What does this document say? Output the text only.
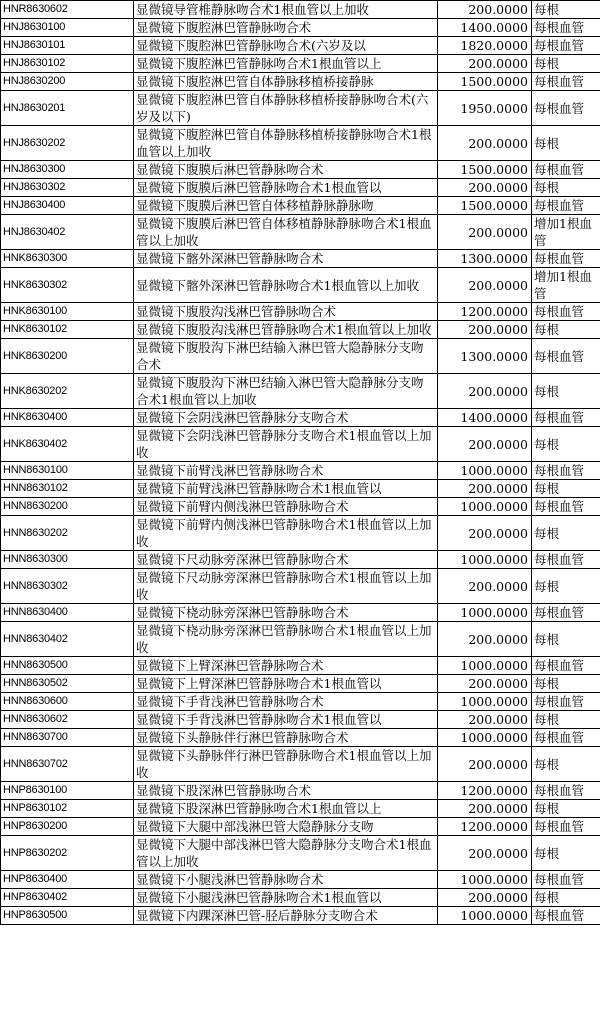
HNR8630602	显微镜导管椎静脉吻合术1根血管以上加收	200.0000	每根
HNJ8630100	显微镜下腹腔淋巴管静脉吻合术	1400.0000	每根血管
HNJ8630101	显微镜下腹腔淋巴管静脉吻合术(六岁及以	1820.0000	每根血管
HNJ8630102	显微镜下腹腔淋巴管静脉吻合术1根血管以上	200.0000	每根
HNJ8630200	显微镜下腹腔淋巴管自体静脉移植桥接静脉	1500.0000	每根血管
HNJ8630201	显微镜下腹腔淋巴管自体静脉移植桥接静脉吻合术(六岁及以下)	1950.0000	每根血管
HNJ8630202	显微镜下腹腔淋巴管自体静脉移植桥接静脉吻合术1根血管以上加收	200.0000	每根
HNJ8630300	显微镜下腹膜后淋巴管静脉吻合术	1500.0000	每根血管
HNJ8630302	显微镜下腹膜后淋巴管静脉吻合术1根血管以	200.0000	每根
HNJ8630400	显微镜下腹膜后淋巴管自体移植静脉静脉吻	1500.0000	每根血管
HNJ8630402	显微镜下腹膜后淋巴管自体移植静脉静脉吻合术1根血管以上加收	200.0000	增加1根血管
HNK8630300	显微镜下髂外深淋巴管静脉吻合术	1300.0000	每根血管
HNK8630302	显微镜下髂外深淋巴管静脉吻合术1根血管以上加收	200.0000	增加1根血管
HNK8630100	显微镜下腹股沟浅淋巴管静脉吻合术	1200.0000	每根血管
HNK8630102	显微镜下腹股沟浅淋巴管静脉吻合术1根血管以上加收	200.0000	每根
HNK8630200	显微镜下腹股沟下淋巴结输入淋巴管大隐静脉分支吻合术	1300.0000	每根血管
HNK8630202	显微镜下腹股沟下淋巴结输入淋巴管大隐静脉分支吻合术1根血管以上加收	200.0000	每根
HNK8630400	显微镜下会阴浅淋巴管静脉分支吻合术	1400.0000	每根血管
HNK8630402	显微镜下会阴浅淋巴管静脉分支吻合术1根血管以上加收	200.0000	每根
HNN8630100	显微镜下前臂浅淋巴管静脉吻合术	1000.0000	每根血管
HNN8630102	显微镜下前臂浅淋巴管静脉吻合术1根血管以	200.0000	每根
HNN8630200	显微镜下前臂内侧浅淋巴管静脉吻合术	1000.0000	每根血管
HNN8630202	显微镜下前臂内侧浅淋巴管静脉吻合术1根血管以上加收	200.0000	每根
HNN8630300	显微镜下尺动脉旁深淋巴管静脉吻合术	1000.0000	每根血管
HNN8630302	显微镜下尺动脉旁深淋巴管静脉吻合术1根血管以上加收	200.0000	每根
HNN8630400	显微镜下桡动脉旁深淋巴管静脉吻合术	1000.0000	每根血管
HNN8630402	显微镜下桡动脉旁深淋巴管静脉吻合术1根血管以上加收	200.0000	每根
HNN8630500	显微镜下上臂深淋巴管静脉吻合术	1000.0000	每根血管
HNN8630502	显微镜下上臂深淋巴管静脉吻合术1根血管以	200.0000	每根
HNN8630600	显微镜下手背浅淋巴管静脉吻合术	1000.0000	每根血管
HNN8630602	显微镜下手背浅淋巴管静脉吻合术1根血管以	200.0000	每根
HNN8630700	显微镜下头静脉伴行淋巴管静脉吻合术	1000.0000	每根血管
HNN8630702	显微镜下头静脉伴行淋巴管静脉吻合术1根血管以上加收	200.0000	每根
HNP8630100	显微镜下股深淋巴管静脉吻合术	1200.0000	每根血管
HNP8630102	显微镜下股深淋巴管静脉吻合术1根血管以上	200.0000	每根
HNP8630200	显微镜下大腿中部浅淋巴管大隐静脉分支吻	1200.0000	每根血管
HNP8630202	显微镜下大腿中部浅淋巴管大隐静脉分支吻合术1根血管以上加收	200.0000	每根
HNP8630400	显微镜下小腿浅淋巴管静脉吻合术	1000.0000	每根血管
HNP8630402	显微镜下小腿浅淋巴管静脉吻合术1根血管以	200.0000	每根
HNP8630500	显微镜下内踝深淋巴管-胫后静脉分支吻合术	1000.0000	每根血管
